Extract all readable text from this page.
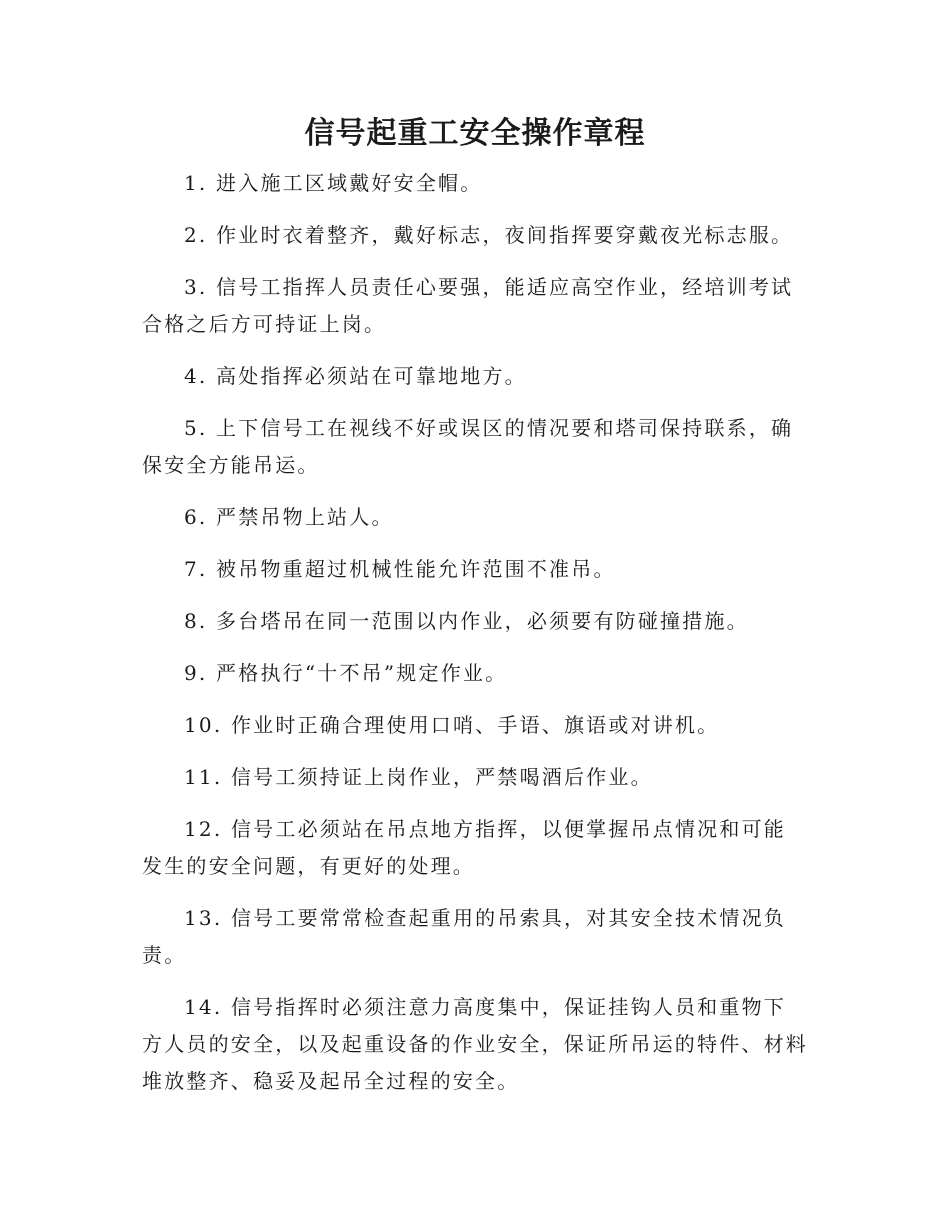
信号起重工安全操作章程
1. 进入施工区域戴好安全帽。
2. 作业时衣着整齐，戴好标志，夜间指挥要穿戴夜光标志服。
3. 信号工指挥人员责任心要强，能适应高空作业，经培训考试合格之后方可持证上岗。
4. 高处指挥必须站在可靠地地方。
5. 上下信号工在视线不好或误区的情况要和塔司保持联系，确保安全方能吊运。
6. 严禁吊物上站人。
7. 被吊物重超过机械性能允许范围不准吊。
8. 多台塔吊在同一范围以内作业，必须要有防碰撞措施。
9. 严格执行“十不吊”规定作业。
10. 作业时正确合理使用口哨、手语、旗语或对讲机。
11. 信号工须持证上岗作业，严禁喝酒后作业。
12. 信号工必须站在吊点地方指挥，以便掌握吊点情况和可能发生的安全问题，有更好的处理。
13. 信号工要常常检查起重用的吊索具，对其安全技术情况负责。
14. 信号指挥时必须注意力高度集中，保证挂钩人员和重物下方人员的安全，以及起重设备的作业安全，保证所吊运的特件、材料堆放整齐、稳妥及起吊全过程的安全。
